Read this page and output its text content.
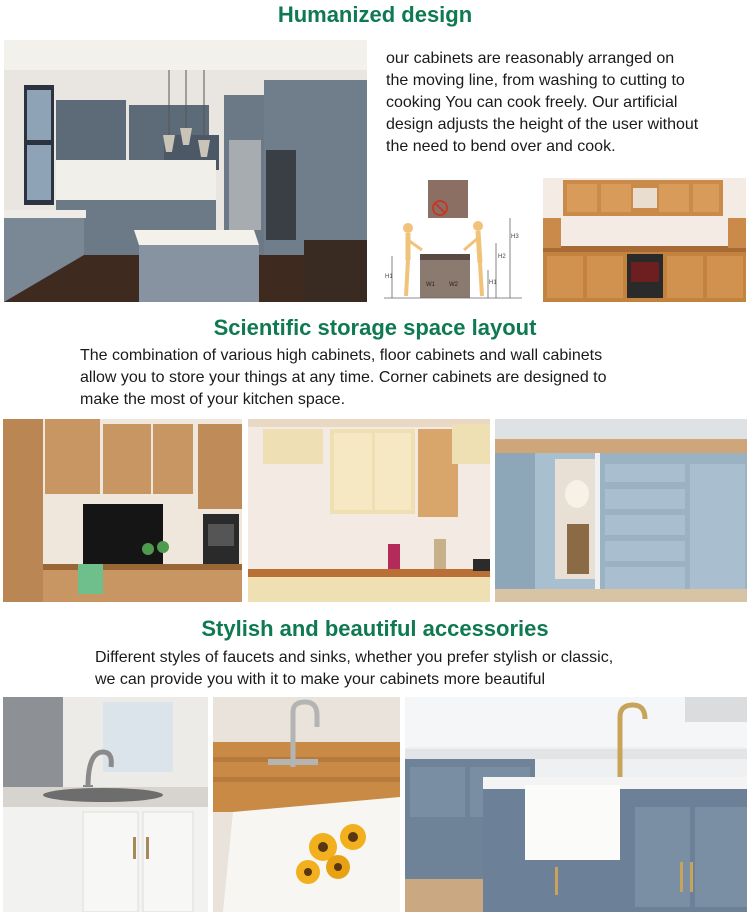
Humanized design
our cabinets are reasonably arranged on
the moving line, from washing to cutting to
cooking You can cook freely. Our artificial
design adjusts the height of the user without
the need to bend over and cook.
H1
W1 W2
H2
H1
H3
Scientific storage space layout
The combination of various high cabinets, floor cabinets and wall cabinets
allow you to store your things at any time. Corner cabinets are designed to
make the most of your kitchen space.
Stylish and beautiful accessories
Different styles of faucets and sinks, whether you prefer stylish or classic,
we can provide you with it to make your cabinets more beautiful
